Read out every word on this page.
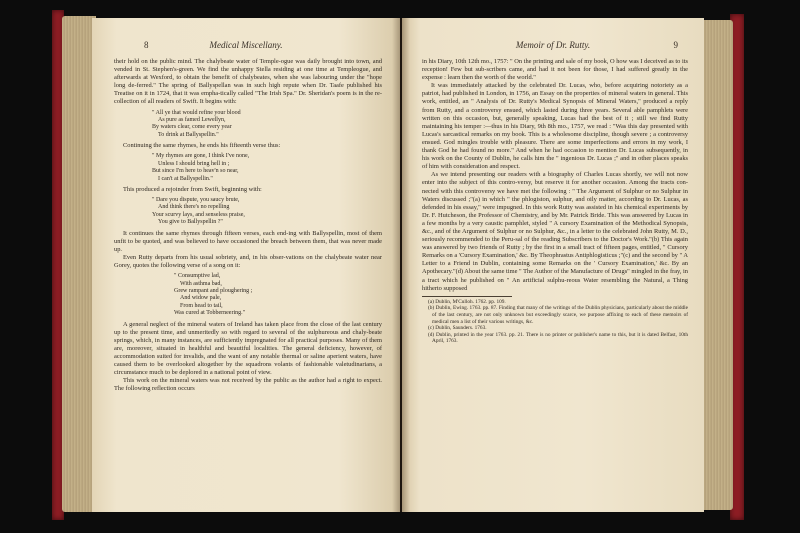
8	Medical Miscellany.

their hold on the public mind. The chalybeate water of Temple-ogue was daily brought into town, and vended in St. Stephen's-green. We find the unhappy Stella residing at one time at Templeogue, and afterwards at Wexford, to obtain the benefit of chalybeates, when she was labouring under the "hope long de-ferred." The spring of Ballyspellan was in such high repute when Dr. Taafe published his Treatise on it in 1724, that it was empha-tically called "The Irish Spa." Dr. Sheridan's poem is in the re-collection of all readers of Swift. It begins with:

" All ye that would refine your blood
As pure as famed Lewellyn,
By waters clear, come every year
To drink at Ballyspellin."

Continuing the same rhymes, he ends his fifteenth verse thus:

" My rhymes are gone, I think I've none,
Unless I should bring hell in ;
But since I'm here to heav'n so near,
I can't at Ballyspellin."

This produced a rejoinder from Swift, beginning with:

" Dare you dispute, you saucy brute,
And think there's no repelling
Your scurvy lays, and senseless praise,
You give to Ballyspellin ?"

It continues the same rhymes through fifteen verses, each end-ing with Ballyspellin, most of them unfit to be quoted, and was believed to have occasioned the breach between them, that was never made up.

Even Rutty departs from his usual sobriety, and, in his obser-vations on the chalybeate water near Gorey, quotes the following verse of a song on it:

" Consumptive lad,
With asthma bad,
Grew rampant and ploughering ;
And widow pale,
From head to tail,
Was cured at Tobberneering."

A general neglect of the mineral waters of Ireland has taken place from the close of the last century up to the present time, and unmeritedly so with regard to several of the sulphureous and chaly-beate springs, which, in many instances, are sufficiently impregnated for all practical purposes. Many of them are, moreover, situated in healthful and beautiful localities. The general deficiency, however, of accommodation suited for invalids, and the want of any notable thermal or saline aperient waters, have caused them to be overlooked altogether by the squadrons volants of fashionable valetudinarians, a circumstance much to be deplored in a national point of view.

This work on the mineral waters was not received by the public as the author had a right to expect. The following reflection occurs

Memoir of Dr. Rutty.	9

in his Diary, 10th 12th mo., 1757: " On the printing and sale of my book, O how was I deceived as to its reception! Few but sub-scribers came, and had it not been for those, I had suffered greatly in the expense : learn then the worth of the world."

It was immediately attacked by the celebrated Dr. Lucas, who, before acquiring notoriety as a patriot, had published in London, in 1756, an Essay on the properties of mineral waters in general. This work, entitled, an " Analysis of Dr. Rutty's Medical Synopsis of Mineral Waters," produced a reply from Rutty, and a controversy ensued, which lasted during three years. Several able pamphlets were written on this occasion, but, generally speaking, Lucas had the best of it ; still we find Rutty maintaining his temper :—thus in his Diary, 9th 8th mo., 1757, we read : "Was this day presented with Lucas's sarcastical remarks on my book. This is a wholesome discipline, though severe ; a controversy ensued. God mingles trouble with pleasure. There are some imperfections and errors in my work, I thank God he had found no more." And when he had occasion to mention Dr. Lucas subsequently, in his work on the County of Dublin, he calls him the " ingenious Dr. Lucas ;" and in other places speaks of him with consideration and respect.

As we intend presenting our readers with a biography of Charles Lucas shortly, we will not now enter into the subject of this contro-versy, but reserve it for another occasion. Among the tracts con-nected with this controversy we have met the following : " The Argument of Sulphur or no Sulphur in Waters discussed ;"(a) in which " the phlogiston, sulphur, and oily matter, according to Dr. Lucas, as defended in his essay," were impugned. In this work Rutty was assisted in his chemical experiments by Dr. F. Hutcheson, the Professor of Chemistry, and by Mr. Patrick Bride. This was answered by Lucas in a few months by a very caustic pamphlet, styled " A cursory Examination of the Methodical Synopsis, &c., and of the Argument of Sulphur or no Sulphur, &c., in a letter to the celebrated John Rutty, M. D., seriously recommended to the Peru-sal of the reading Subscribers to the Doctor's Work."(b) This again was answered by two friends of Rutty ; by the first in a small tract of fifteen pages, entitled, " Cursory Remarks on a 'Cursory Examination,' &c. By Theophrastus Antiphlogisticus ;"(c) and the second by " A Letter to a Friend in Dublin, containing some Remarks on the ' Cursory Examination,' &c. By an Apothecary."(d) About the same time " The Author of the Manufacture of Drugs" mingled in the fray, in a tract which he published on " An artificial sulphu-reous Water resembling the Natural, a Thing hitherto supposed

(a) Dublin, M'Culloh. 1762. pp. 109.

(b) Dublin, Ewing. 1763. pp. 87. Finding that many of the writings of the Dublin physicians, particularly about the middle of the last century, are not only unknown but exceedingly scarce, we purpose affixing to each of these memoirs of medical men a list of their various writings, &c.

(c) Dublin, Saunders. 1763.

(d) Dublin, printed in the year 1763. pp. 21. There is no printer or publisher's name to this, but it is dated Belfast, 10th April, 1763.
